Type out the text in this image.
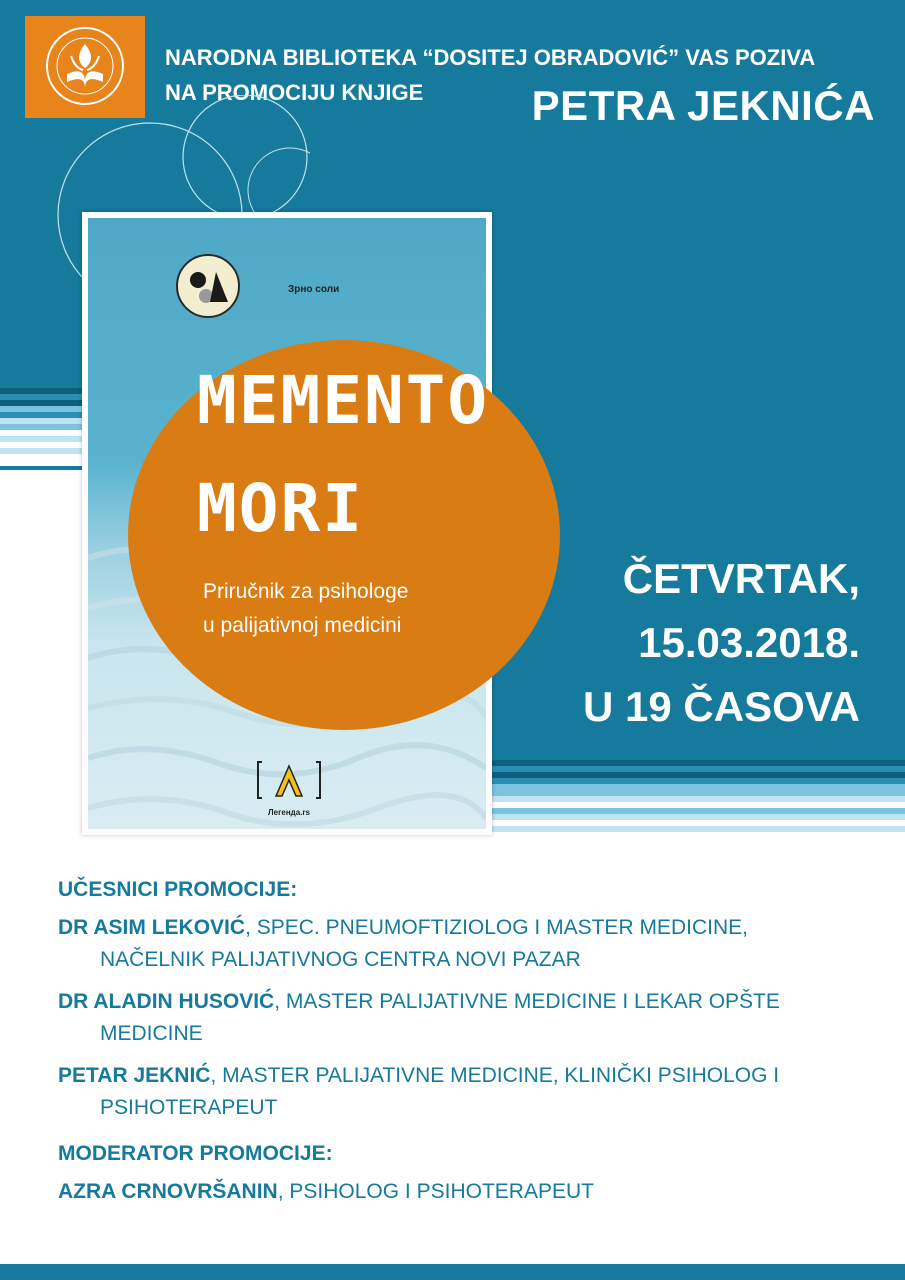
NARODNA BIBLIOTEKA “DOSITEJ OBRADOVIĆ” VAS POZIVA
NA PROMOCIJU KNJIGE	PETRA JEKNIĆA
Зрно соли
Легенда.rs
MEMENTO
MORI
Priručnik za psihologe
u palijativnoj medicini
ČETVRTAK,
15.03.2018.
U 19 ČASOVA

UČESNICI PROMOCIJE:

DR ASIM LEKOVIĆ, SPEC. PNEUMOFTIZIOLOG I MASTER MEDICINE,
NAČELNIK PALIJATIVNOG CENTRA NOVI PAZAR

DR ALADIN HUSOVIĆ, MASTER PALIJATIVNE MEDICINE I LEKAR OPŠTE
MEDICINE

PETAR JEKNIĆ, MASTER PALIJATIVNE MEDICINE, KLINIČKI PSIHOLOG I
PSIHOTERAPEUT

MODERATOR PROMOCIJE:

AZRA CRNOVRŠANIN, PSIHOLOG I PSIHOTERAPEUT
